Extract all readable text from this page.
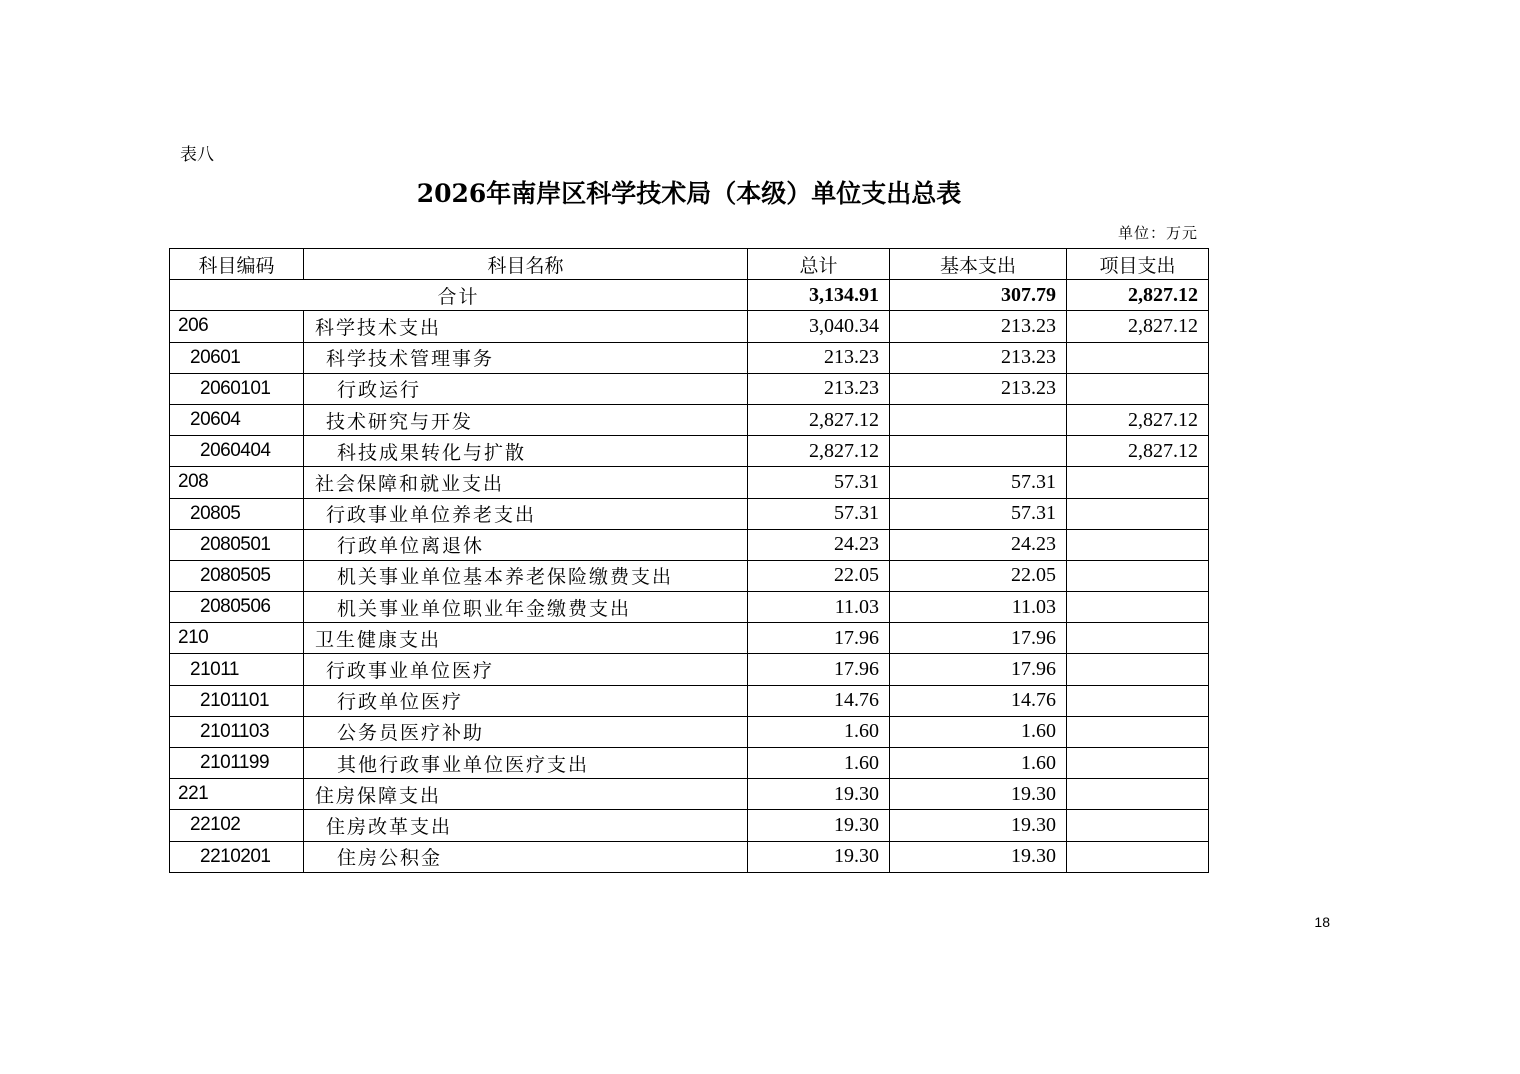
表八
2026年南岸区科学技术局（本级）单位支出总表
单位：万元
科目编码	科目名称	总计	基本支出	项目支出
合计		3,134.91	307.79	2,827.12
206	科学技术支出	3,040.34	213.23	2,827.12
20601	科学技术管理事务	213.23	213.23	
2060101	行政运行	213.23	213.23	
20604	技术研究与开发	2,827.12		2,827.12
2060404	科技成果转化与扩散	2,827.12		2,827.12
208	社会保障和就业支出	57.31	57.31	
20805	行政事业单位养老支出	57.31	57.31	
2080501	行政单位离退休	24.23	24.23	
2080505	机关事业单位基本养老保险缴费支出	22.05	22.05	
2080506	机关事业单位职业年金缴费支出	11.03	11.03	
210	卫生健康支出	17.96	17.96	
21011	行政事业单位医疗	17.96	17.96	
2101101	行政单位医疗	14.76	14.76	
2101103	公务员医疗补助	1.60	1.60	
2101199	其他行政事业单位医疗支出	1.60	1.60	
221	住房保障支出	19.30	19.30	
22102	住房改革支出	19.30	19.30	
2210201	住房公积金	19.30	19.30	
18
